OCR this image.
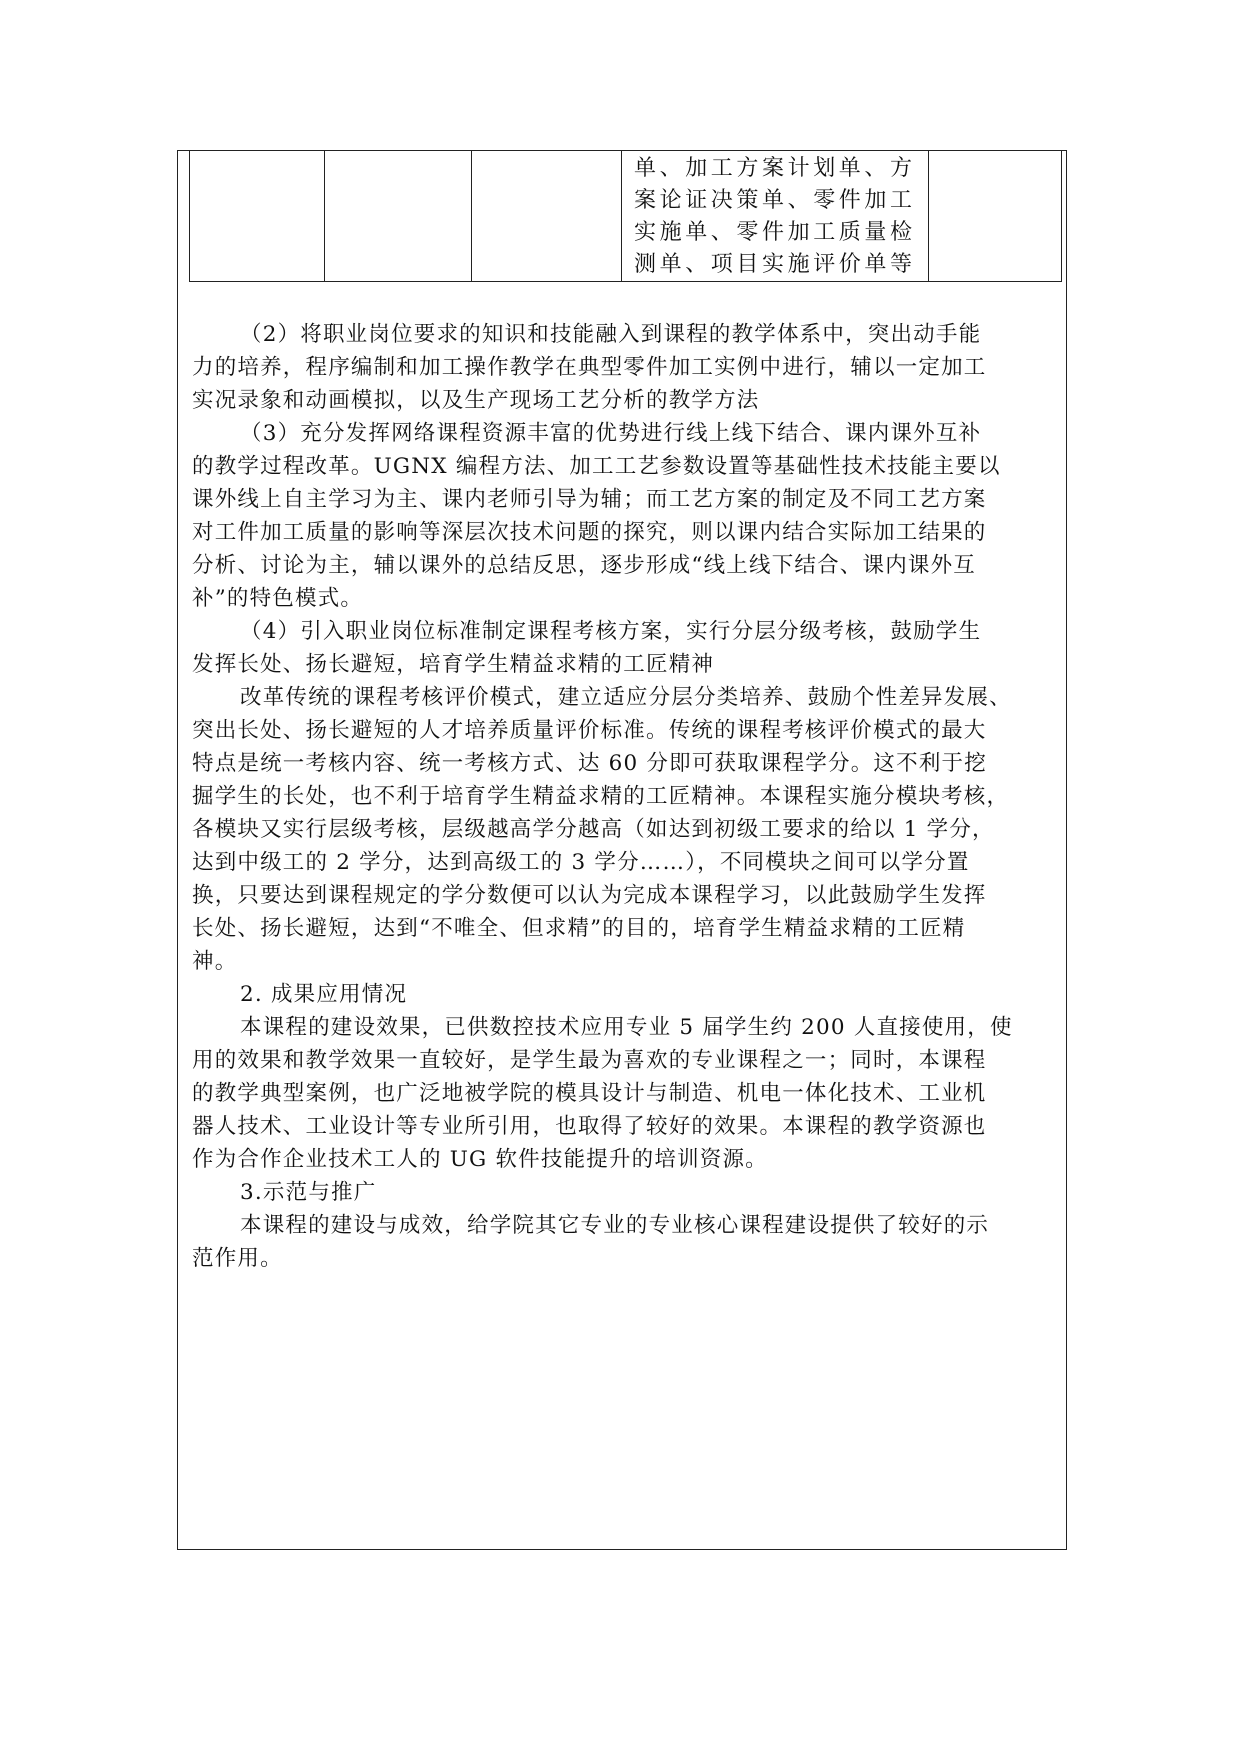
单、加工方案计划单、方
案论证决策单、零件加工
实施单、零件加工质量检
测单、项目实施评价单等

（2）将职业岗位要求的知识和技能融入到课程的教学体系中，突出动手能
力的培养，程序编制和加工操作教学在典型零件加工实例中进行，辅以一定加工
实况录象和动画模拟，以及生产现场工艺分析的教学方法
（3）充分发挥网络课程资源丰富的优势进行线上线下结合、课内课外互补
的教学过程改革。UGNX 编程方法、加工工艺参数设置等基础性技术技能主要以
课外线上自主学习为主、课内老师引导为辅；而工艺方案的制定及不同工艺方案
对工件加工质量的影响等深层次技术问题的探究，则以课内结合实际加工结果的
分析、讨论为主，辅以课外的总结反思，逐步形成“线上线下结合、课内课外互
补”的特色模式。
（4）引入职业岗位标准制定课程考核方案，实行分层分级考核，鼓励学生
发挥长处、扬长避短，培育学生精益求精的工匠精神
改革传统的课程考核评价模式，建立适应分层分类培养、鼓励个性差异发展、
突出长处、扬长避短的人才培养质量评价标准。传统的课程考核评价模式的最大
特点是统一考核内容、统一考核方式、达 60 分即可获取课程学分。这不利于挖
掘学生的长处，也不利于培育学生精益求精的工匠精神。本课程实施分模块考核，
各模块又实行层级考核，层级越高学分越高（如达到初级工要求的给以 1 学分，
达到中级工的 2 学分，达到高级工的 3 学分……），不同模块之间可以学分置
换，只要达到课程规定的学分数便可以认为完成本课程学习，以此鼓励学生发挥
长处、扬长避短，达到“不唯全、但求精”的目的，培育学生精益求精的工匠精
神。
2. 成果应用情况
本课程的建设效果，已供数控技术应用专业 5 届学生约 200 人直接使用，使
用的效果和教学效果一直较好，是学生最为喜欢的专业课程之一；同时，本课程
的教学典型案例，也广泛地被学院的模具设计与制造、机电一体化技术、工业机
器人技术、工业设计等专业所引用，也取得了较好的效果。本课程的教学资源也
作为合作企业技术工人的 UG 软件技能提升的培训资源。
3.示范与推广
本课程的建设与成效，给学院其它专业的专业核心课程建设提供了较好的示
范作用。
